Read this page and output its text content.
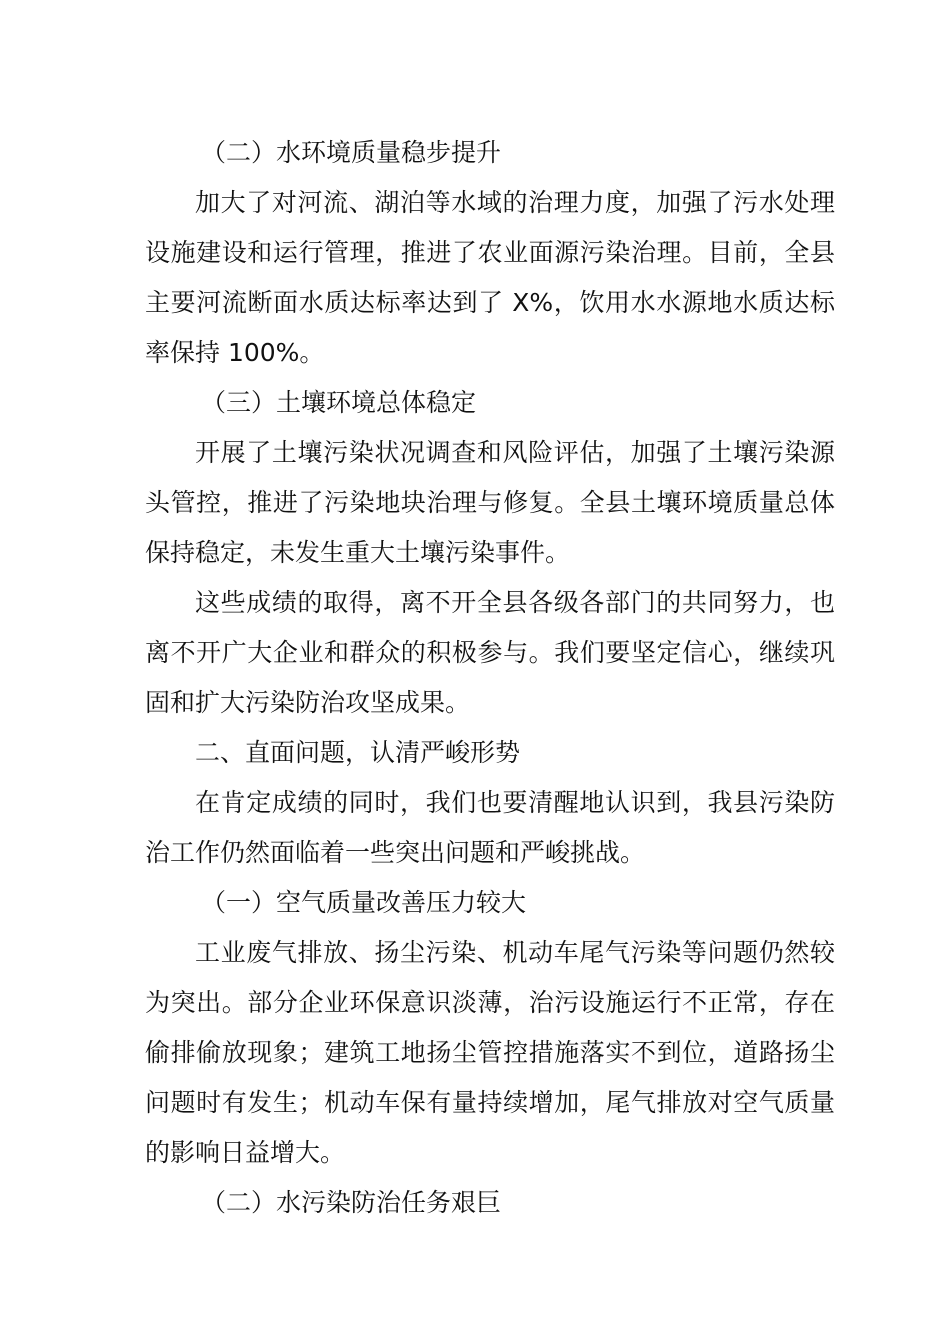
（二）水环境质量稳步提升

加大了对河流、湖泊等水域的治理力度，加强了污水处理设施建设和运行管理，推进了农业面源污染治理。目前，全县主要河流断面水质达标率达到了 X%，饮用水水源地水质达标率保持 100%。

（三）土壤环境总体稳定

开展了土壤污染状况调查和风险评估，加强了土壤污染源头管控，推进了污染地块治理与修复。全县土壤环境质量总体保持稳定，未发生重大土壤污染事件。

这些成绩的取得，离不开全县各级各部门的共同努力，也离不开广大企业和群众的积极参与。我们要坚定信心，继续巩固和扩大污染防治攻坚成果。

二、直面问题，认清严峻形势

在肯定成绩的同时，我们也要清醒地认识到，我县污染防治工作仍然面临着一些突出问题和严峻挑战。

（一）空气质量改善压力较大

工业废气排放、扬尘污染、机动车尾气污染等问题仍然较为突出。部分企业环保意识淡薄，治污设施运行不正常，存在偷排偷放现象；建筑工地扬尘管控措施落实不到位，道路扬尘问题时有发生；机动车保有量持续增加，尾气排放对空气质量的影响日益增大。

（二）水污染防治任务艰巨
